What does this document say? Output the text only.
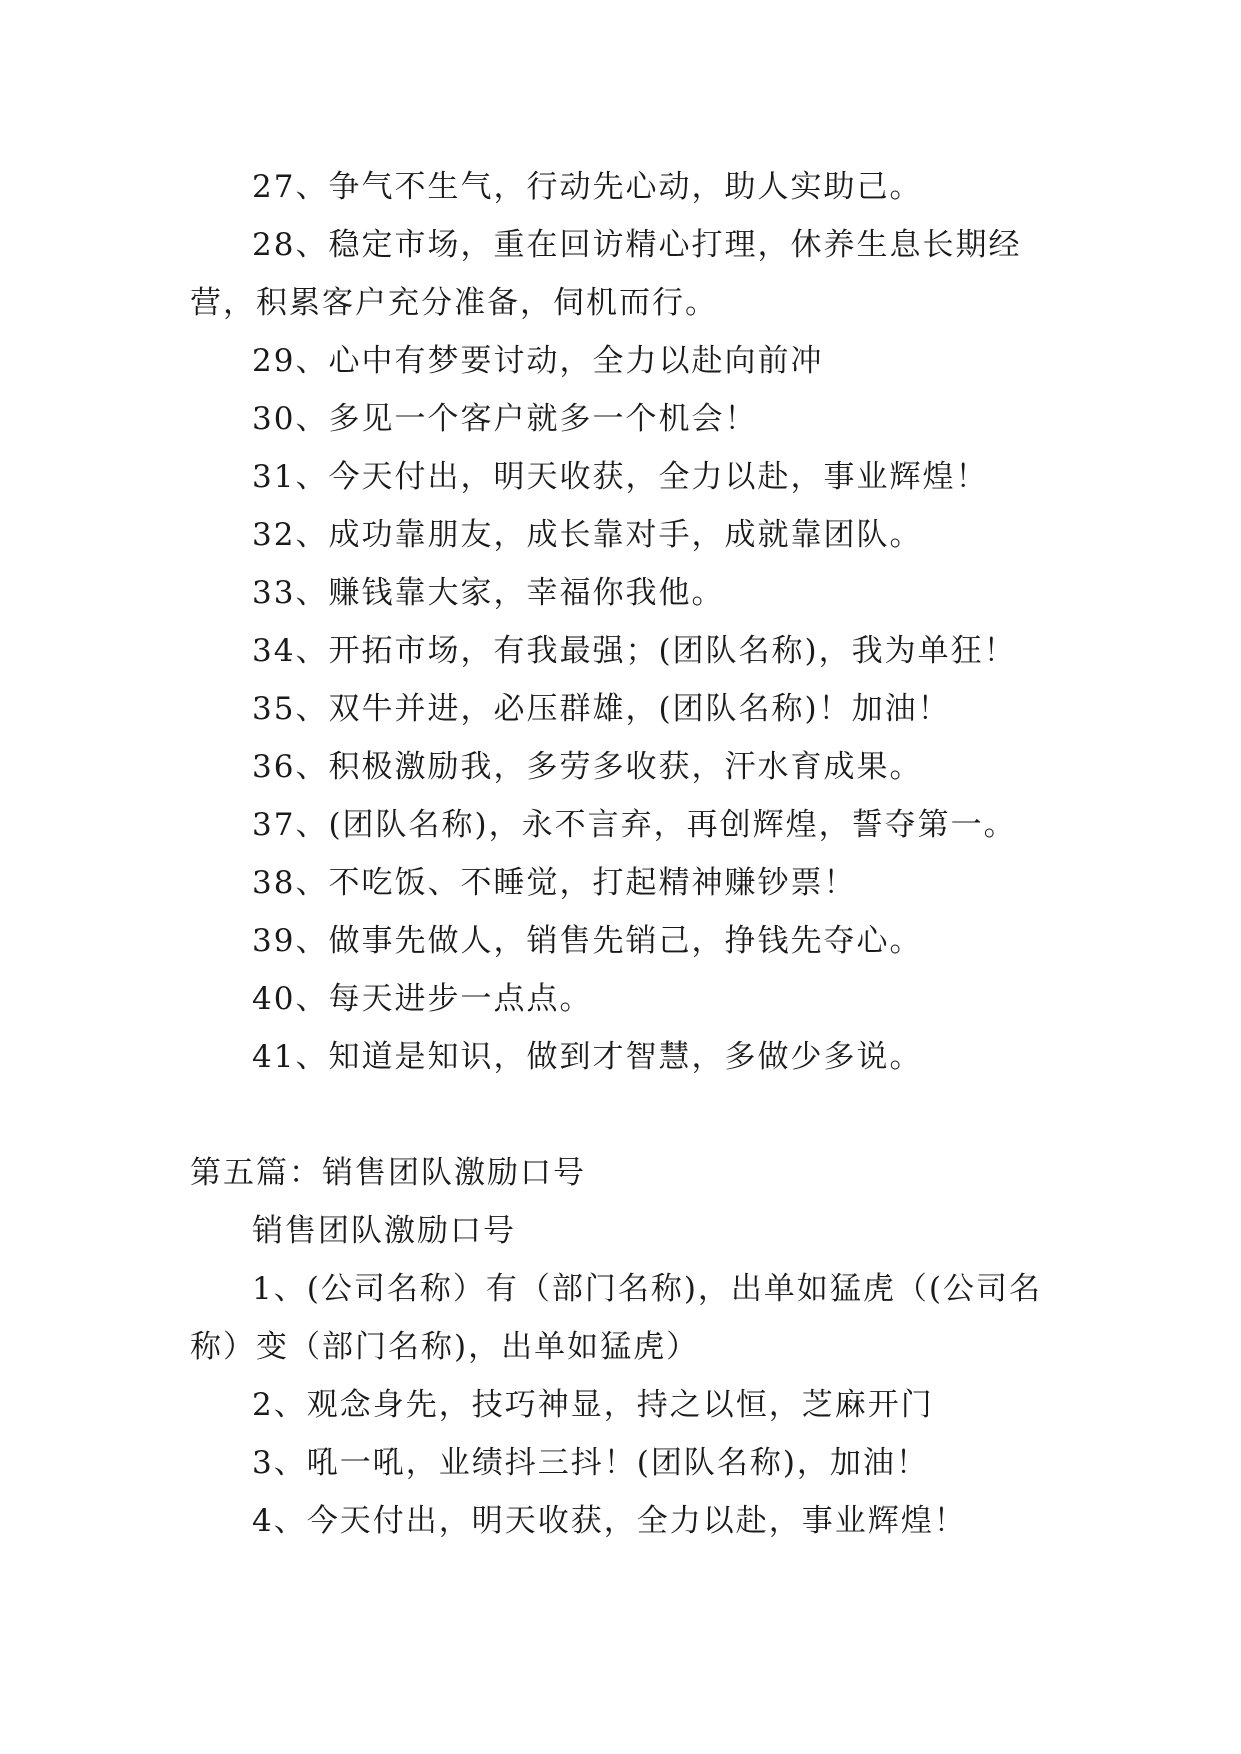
27、争气不生气，行动先心动，助人实助己。

28、稳定市场，重在回访精心打理，休养生息长期经营，积累客户充分准备，伺机而行。

29、心中有梦要讨动，全力以赴向前冲

30、多见一个客户就多一个机会！

31、今天付出，明天收获，全力以赴，事业辉煌！

32、成功靠朋友，成长靠对手，成就靠团队。

33、赚钱靠大家，幸福你我他。

34、开拓市场，有我最强；(团队名称)，我为单狂！

35、双牛并进，必压群雄，(团队名称)！加油！

36、积极激励我，多劳多收获，汗水育成果。

37、(团队名称)，永不言弃，再创辉煌，誓夺第一。

38、不吃饭、不睡觉，打起精神赚钞票！

39、做事先做人，销售先销己，挣钱先夺心。

40、每天进步一点点。

41、知道是知识，做到才智慧，多做少多说。

第五篇：销售团队激励口号

销售团队激励口号

1、(公司名称）有（部门名称)，出单如猛虎（(公司名称）变（部门名称)，出单如猛虎）

2、观念身先，技巧神显，持之以恒，芝麻开门

3、吼一吼，业绩抖三抖！(团队名称)，加油！

4、今天付出，明天收获，全力以赴，事业辉煌！
